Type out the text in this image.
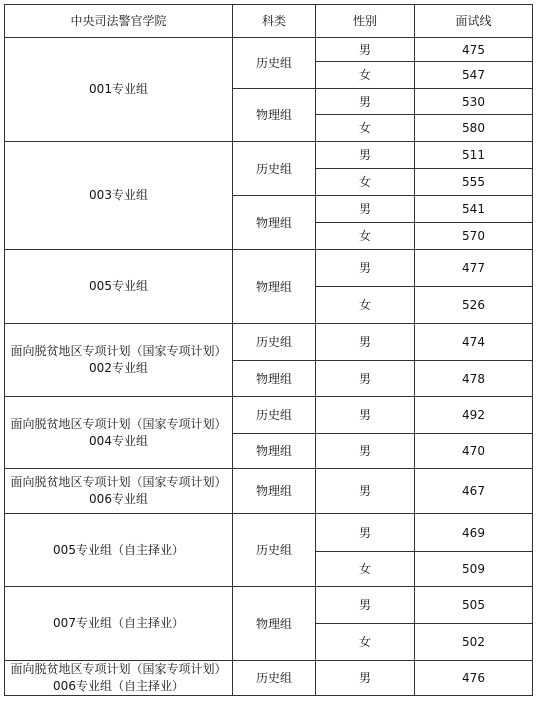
中央司法警官学院	科类	性别	面试线

001专业组	历史组	男	475
		女	547
	物理组	男	530
		女	580

003专业组	历史组	男	511
		女	555
	物理组	男	541
		女	570

005专业组	物理组	男	477
		女	526

面向脱贫地区专项计划（国家专项计划）
002专业组	历史组	男	474
	物理组	男	478

面向脱贫地区专项计划（国家专项计划）
004专业组	历史组	男	492
	物理组	男	470

面向脱贫地区专项计划（国家专项计划）
006专业组	物理组	男	467

005专业组（自主择业）	历史组	男	469
		女	509

007专业组（自主择业）	物理组	男	505
		女	502

面向脱贫地区专项计划（国家专项计划）
006专业组（自主择业）	历史组	男	476
